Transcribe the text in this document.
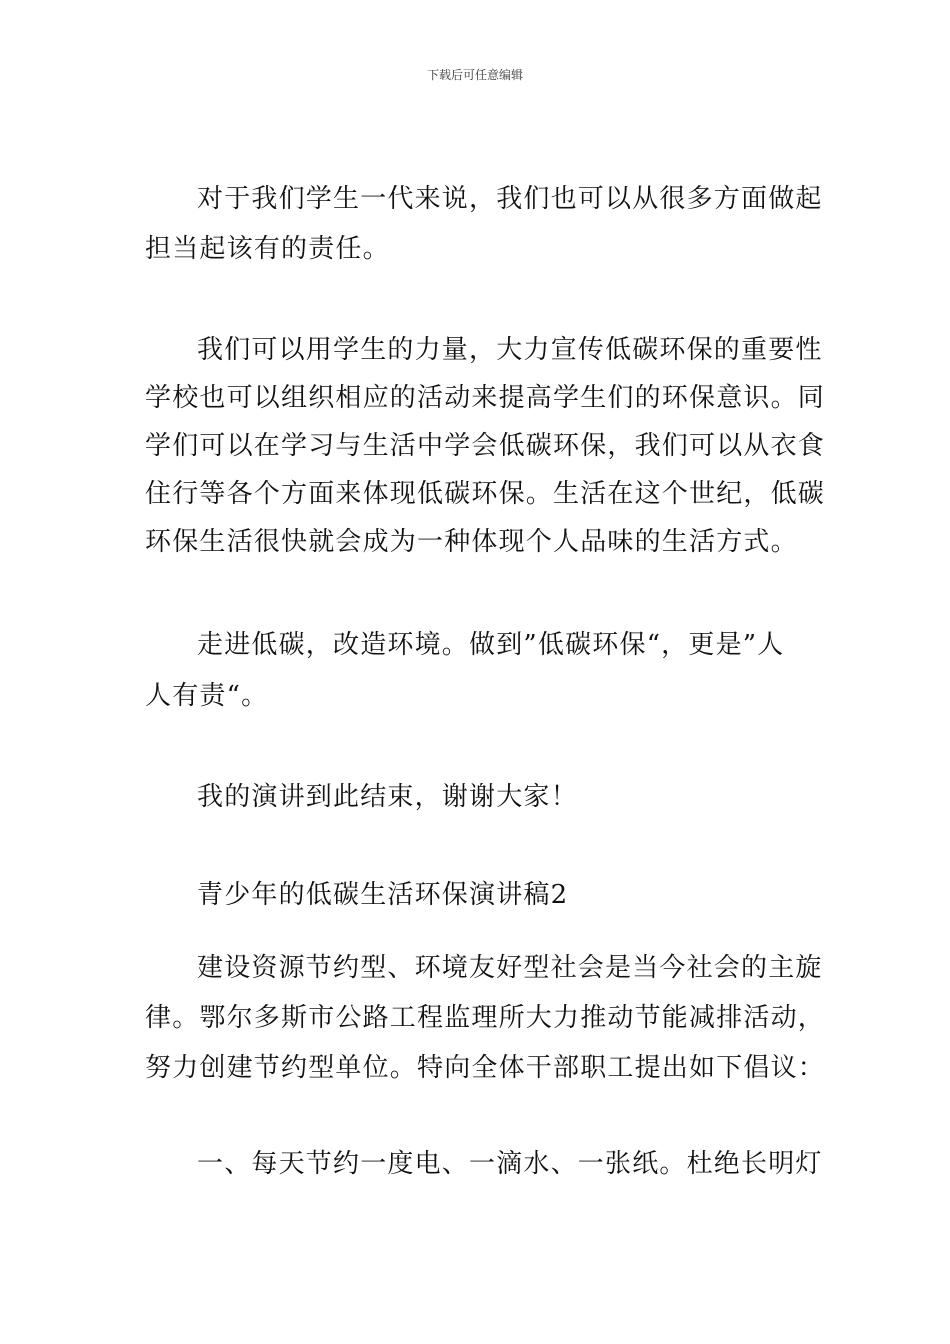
下载后可任意编辑
对于我们学生一代来说，我们也可以从很多方面做起
担当起该有的责任。
我们可以用学生的力量，大力宣传低碳环保的重要性
学校也可以组织相应的活动来提高学生们的环保意识。同
学们可以在学习与生活中学会低碳环保，我们可以从衣食
住行等各个方面来体现低碳环保。生活在这个世纪，低碳
环保生活很快就会成为一种体现个人品味的生活方式。
走进低碳，改造环境。做到”低碳环保“，更是”人
人有责“。
我的演讲到此结束，谢谢大家！
青少年的低碳生活环保演讲稿2
建设资源节约型、环境友好型社会是当今社会的主旋
律。鄂尔多斯市公路工程监理所大力推动节能减排活动，
努力创建节约型单位。特向全体干部职工提出如下倡议：
一、每天节约一度电、一滴水、一张纸。杜绝长明灯
